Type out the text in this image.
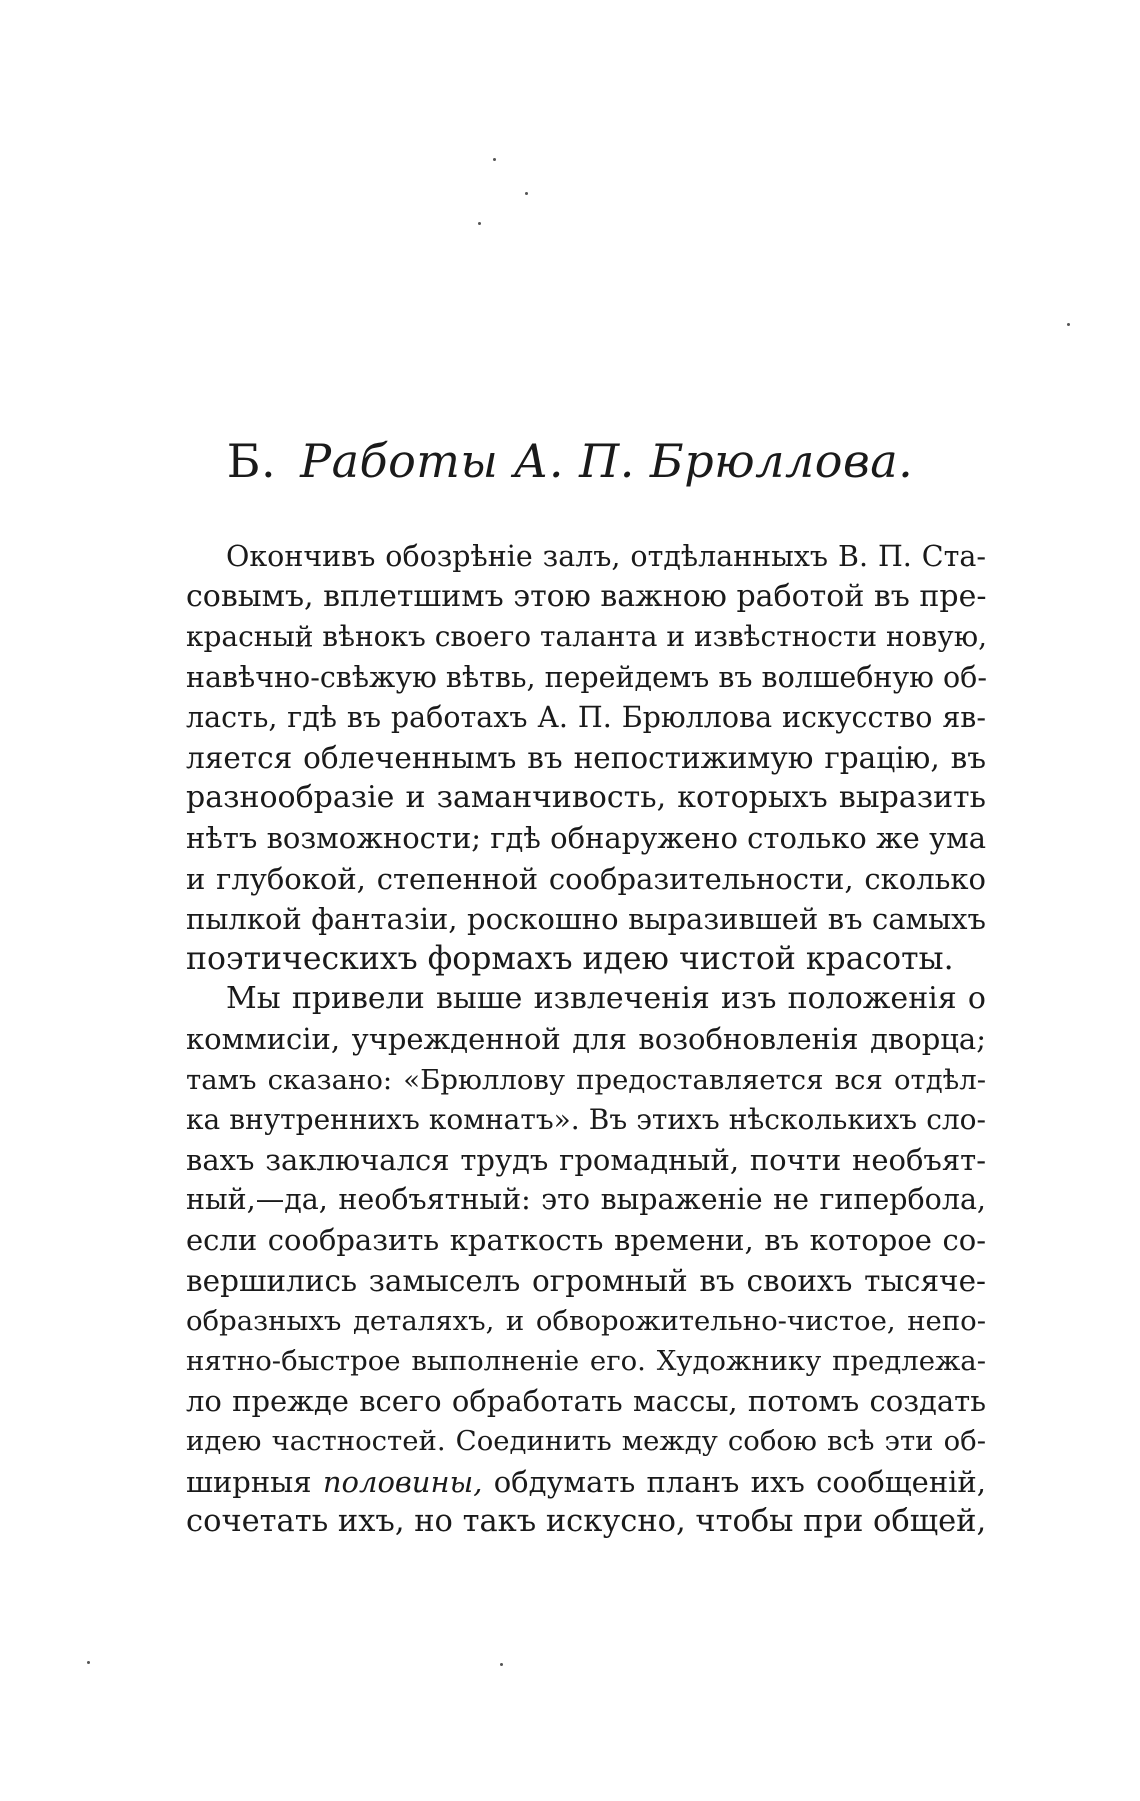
Б. Работы А. П. Брюллова.
Окончивъ обозрѣніе залъ, отдѣланныхъ В. П. Ста-
совымъ, вплетшимъ этою важною работой въ пре-
красный вѣнокъ своего таланта и извѣстности новую,
навѣчно-свѣжую вѣтвь, перейдемъ въ волшебную об-
ласть, гдѣ въ работахъ А. П. Брюллова искусство яв-
ляется облеченнымъ въ непостижимую грацію, въ
разнообразіе и заманчивость, которыхъ выразить
нѣтъ возможности; гдѣ обнаружено столько же ума
и глубокой, степенной сообразительности, сколько
пылкой фантазіи, роскошно выразившей въ самыхъ
поэтическихъ формахъ идею чистой красоты.
Мы привели выше извлеченія изъ положенія о
коммисіи, учрежденной для возобновленія дворца;
тамъ сказано: «Брюллову предоставляется вся отдѣл-
ка внутреннихъ комнатъ». Въ этихъ нѣсколькихъ сло-
вахъ заключался трудъ громадный, почти необъят-
ный,—да, необъятный: это выраженіе не гипербола,
если сообразить краткость времени, въ которое со-
вершились замыселъ огромный въ своихъ тысяче-
образныхъ деталяхъ, и обворожительно-чистое, непо-
нятно-быстрое выполненіе его. Художнику предлежа-
ло прежде всего обработать массы, потомъ создать
идею частностей. Соединить между собою всѣ эти об-
ширныя половины, обдумать планъ ихъ сообщеній,
сочетать ихъ, но такъ искусно, чтобы при общей,
